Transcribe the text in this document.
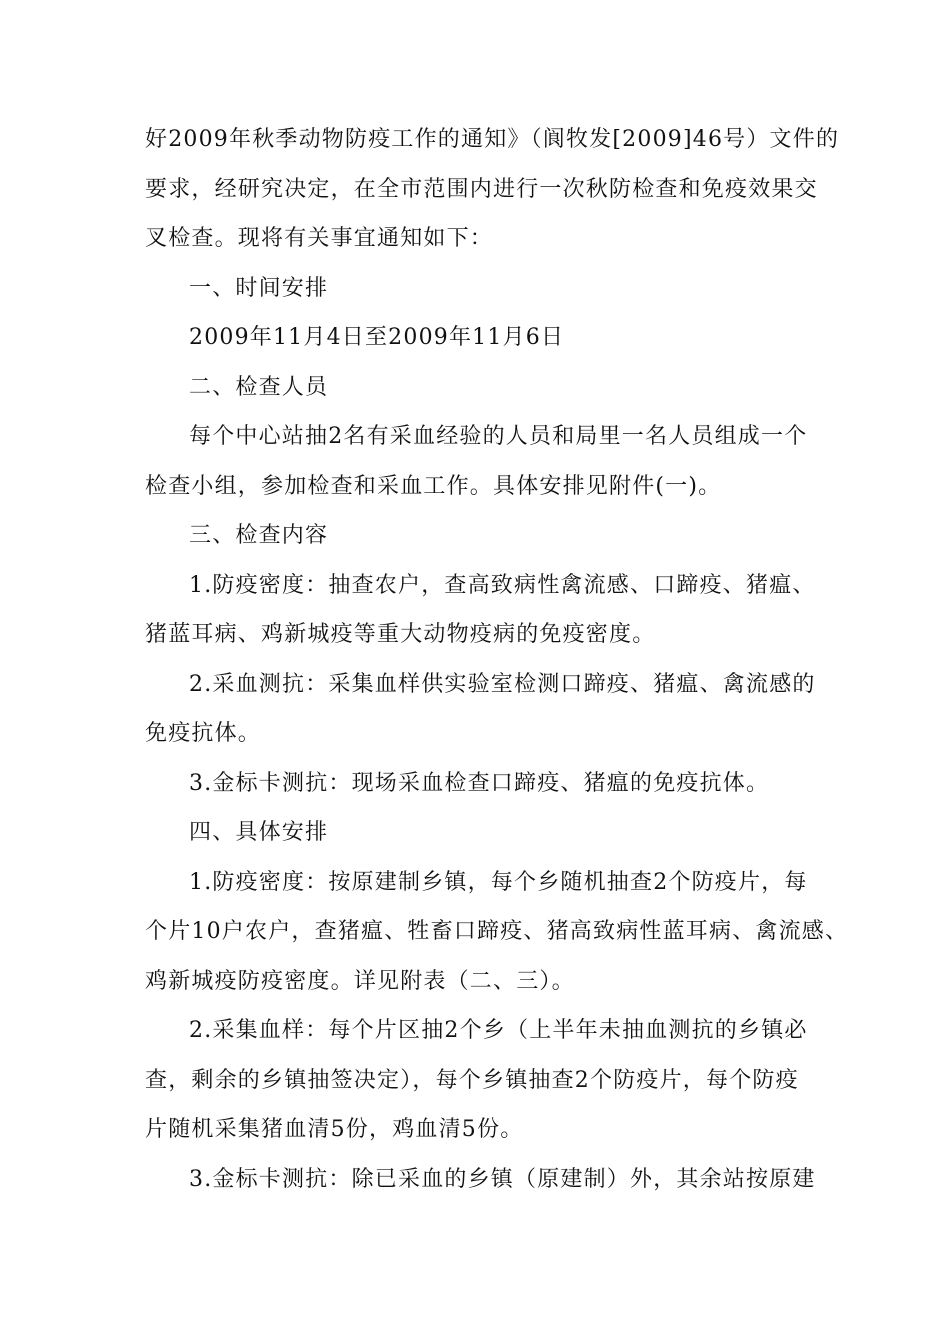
好2009年秋季动物防疫工作的通知》（阆牧发[2009]46号）文件的
要求，经研究决定，在全市范围内进行一次秋防检查和免疫效果交
叉检查。现将有关事宜通知如下：
一、时间安排
2009年11月4日至2009年11月6日
二、检查人员
每个中心站抽2名有采血经验的人员和局里一名人员组成一个
检查小组，参加检查和采血工作。具体安排见附件(一)。
三、检查内容
1.防疫密度：抽查农户，查高致病性禽流感、口蹄疫、猪瘟、
猪蓝耳病、鸡新城疫等重大动物疫病的免疫密度。
2.采血测抗：采集血样供实验室检测口蹄疫、猪瘟、禽流感的
免疫抗体。
3.金标卡测抗：现场采血检查口蹄疫、猪瘟的免疫抗体。
四、具体安排
1.防疫密度：按原建制乡镇，每个乡随机抽查2个防疫片，每
个片10户农户，查猪瘟、牲畜口蹄疫、猪高致病性蓝耳病、禽流感、
鸡新城疫防疫密度。详见附表（二、三）。
2.采集血样：每个片区抽2个乡（上半年未抽血测抗的乡镇必
查，剩余的乡镇抽签决定），每个乡镇抽查2个防疫片，每个防疫
片随机采集猪血清5份，鸡血清5份。
3.金标卡测抗：除已采血的乡镇（原建制）外，其余站按原建
